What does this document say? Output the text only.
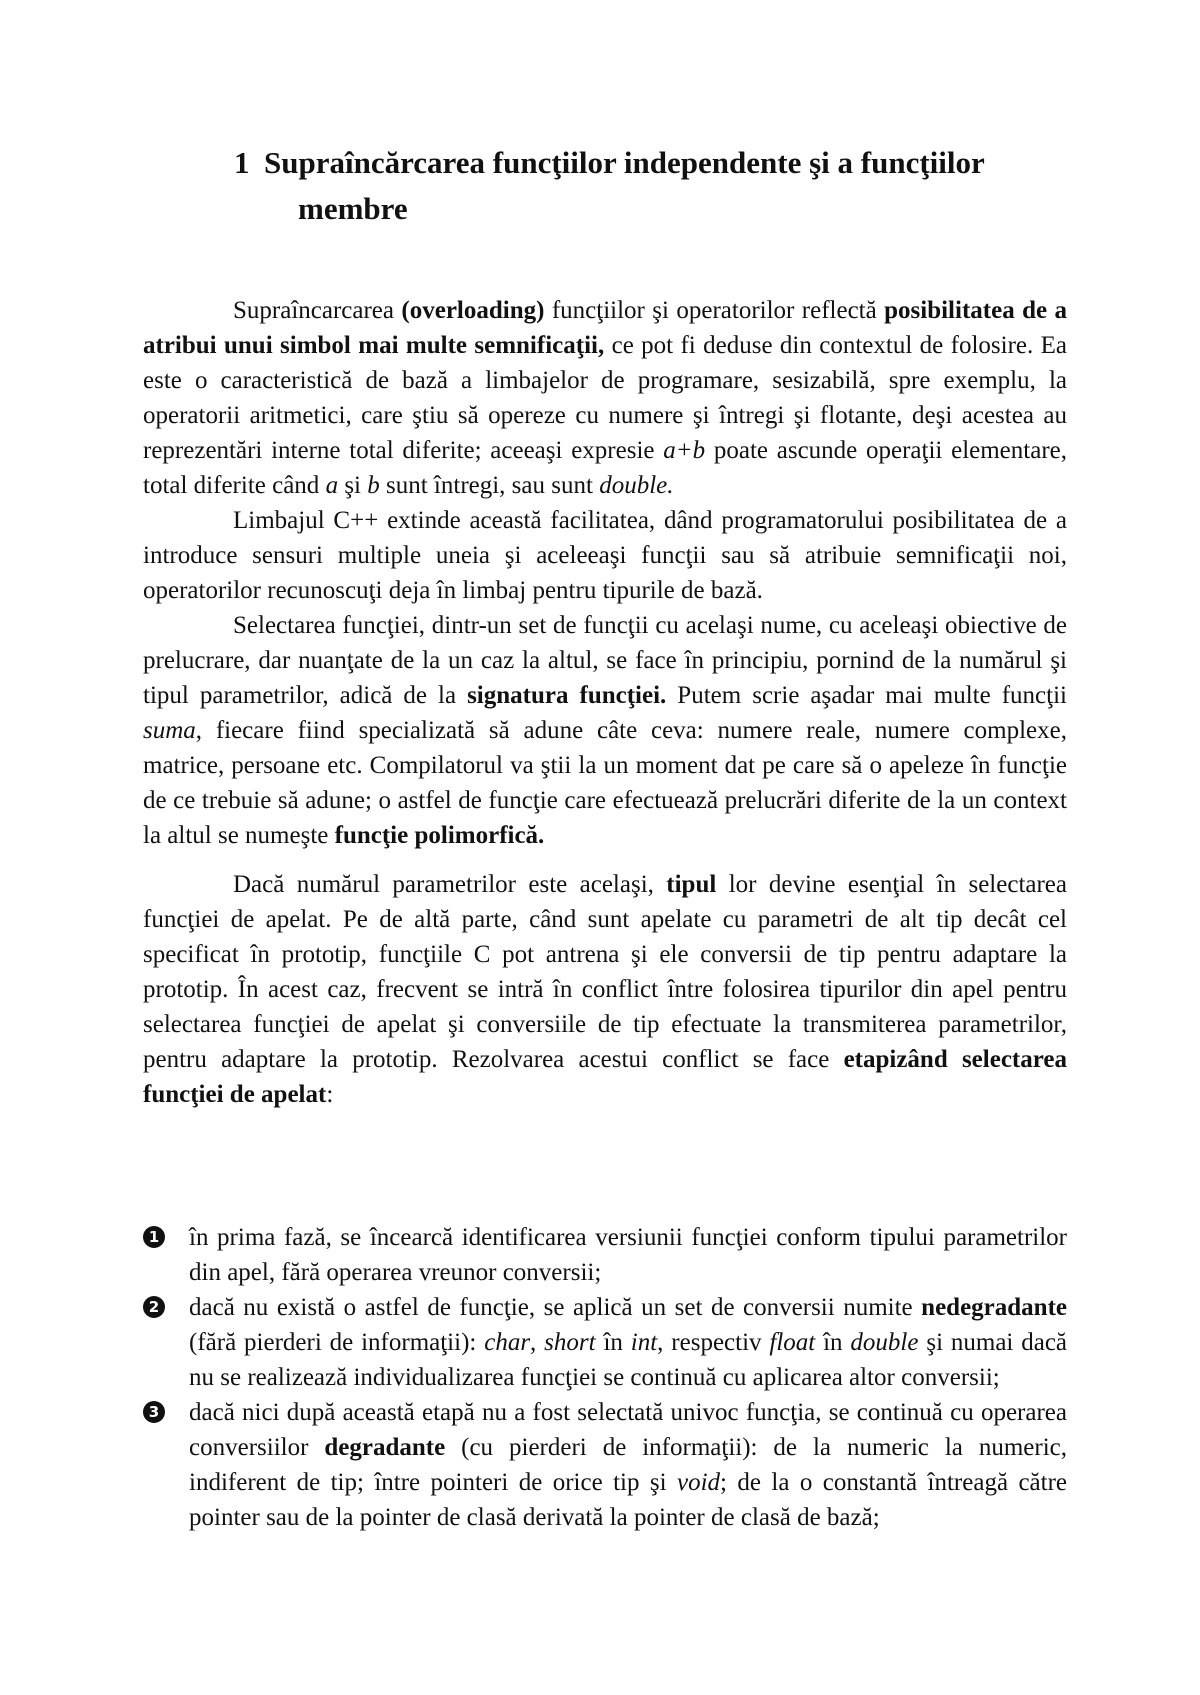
1 Supraîncărcarea funcţiilor independente şi a funcţiilor
membre

Supraîncarcarea (overloading) funcţiilor şi operatorilor reflectă posibilitatea de a atribui unui simbol mai multe semnificaţii, ce pot fi deduse din contextul de folosire. Ea este o caracteristică de bază a limbajelor de programare, sesizabilă, spre exemplu, la operatorii aritmetici, care ştiu să opereze cu numere şi întregi şi flotante, deşi acestea au reprezentări interne total diferite; aceeaşi expresie a+b poate ascunde operaţii elementare, total diferite când a şi b sunt întregi, sau sunt double.

Limbajul C++ extinde această facilitatea, dând programatorului posibilitatea de a introduce sensuri multiple uneia şi aceleeaşi funcţii sau să atribuie semnificaţii noi, operatorilor recunoscuţi deja în limbaj pentru tipurile de bază.

Selectarea funcţiei, dintr-un set de funcţii cu acelaşi nume, cu aceleaşi obiective de prelucrare, dar nuanţate de la un caz la altul, se face în principiu, pornind de la numărul şi tipul parametrilor, adică de la signatura funcţiei. Putem scrie aşadar mai multe funcţii suma, fiecare fiind specializată să adune câte ceva: numere reale, numere complexe, matrice, persoane etc. Compilatorul va ştii la un moment dat pe care să o apeleze în funcţie de ce trebuie să adune; o astfel de funcţie care efectuează prelucrări diferite de la un context la altul se numeşte funcţie polimorfică.

Dacă numărul parametrilor este acelaşi, tipul lor devine esenţial în selectarea funcţiei de apelat. Pe de altă parte, când sunt apelate cu parametri de alt tip decât cel specificat în prototip, funcţiile C pot antrena şi ele conversii de tip pentru adaptare la prototip. În acest caz, frecvent se intră în conflict între folosirea tipurilor din apel pentru selectarea funcţiei de apelat şi conversiile de tip efectuate la transmiterea parametrilor, pentru adaptare la prototip. Rezolvarea acestui conflict se face etapizând selectarea funcţiei de apelat:

1 în prima fază, se încearcă identificarea versiunii funcţiei conform tipului parametrilor din apel, fără operarea vreunor conversii;
2 dacă nu există o astfel de funcţie, se aplică un set de conversii numite nedegradante (fără pierderi de informaţii): char, short în int, respectiv float în double şi numai dacă nu se realizează individualizarea funcţiei se continuă cu aplicarea altor conversii;
3 dacă nici după această etapă nu a fost selectată univoc funcţia, se continuă cu operarea conversiilor degradante (cu pierderi de informaţii): de la numeric la numeric, indiferent de tip; între pointeri de orice tip şi void; de la o constantă întreagă către pointer sau de la pointer de clasă derivată la pointer de clasă de bază;
